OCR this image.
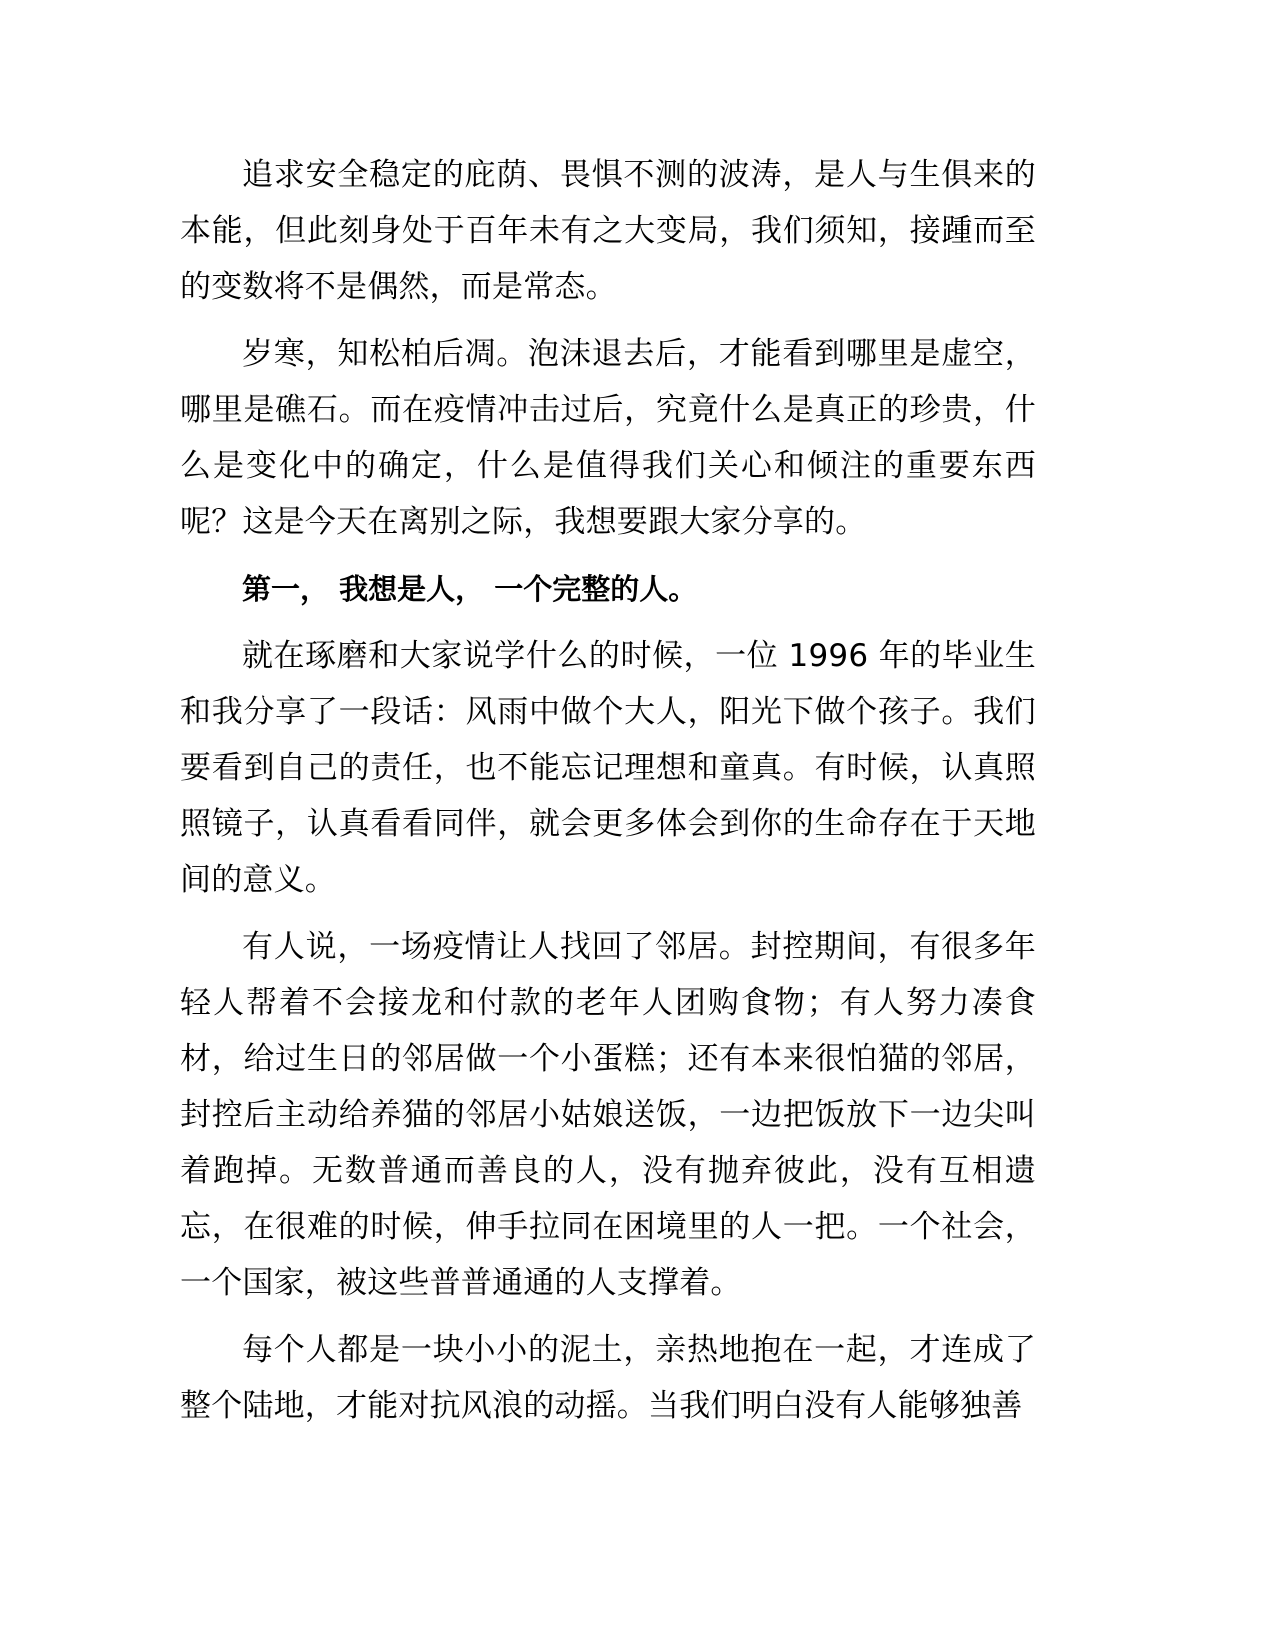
追求安全稳定的庇荫、畏惧不测的波涛，是人与生俱来的本能，但此刻身处于百年未有之大变局，我们须知，接踵而至的变数将不是偶然，而是常态。

岁寒，知松柏后凋。泡沫退去后，才能看到哪里是虚空，哪里是礁石。而在疫情冲击过后，究竟什么是真正的珍贵，什么是变化中的确定，什么是值得我们关心和倾注的重要东西呢？这是今天在离别之际，我想要跟大家分享的。

第一， 我想是人， 一个完整的人。

就在琢磨和大家说学什么的时候，一位 1996 年的毕业生和我分享了一段话：风雨中做个大人，阳光下做个孩子。我们要看到自己的责任，也不能忘记理想和童真。有时候，认真照照镜子，认真看看同伴，就会更多体会到你的生命存在于天地间的意义。

有人说，一场疫情让人找回了邻居。封控期间，有很多年轻人帮着不会接龙和付款的老年人团购食物；有人努力凑食材，给过生日的邻居做一个小蛋糕；还有本来很怕猫的邻居，封控后主动给养猫的邻居小姑娘送饭，一边把饭放下一边尖叫着跑掉。无数普通而善良的人，没有抛弃彼此，没有互相遗忘，在很难的时候，伸手拉同在困境里的人一把。一个社会，一个国家，被这些普普通通的人支撑着。

每个人都是一块小小的泥土，亲热地抱在一起，才连成了整个陆地，才能对抗风浪的动摇。当我们明白没有人能够独善
